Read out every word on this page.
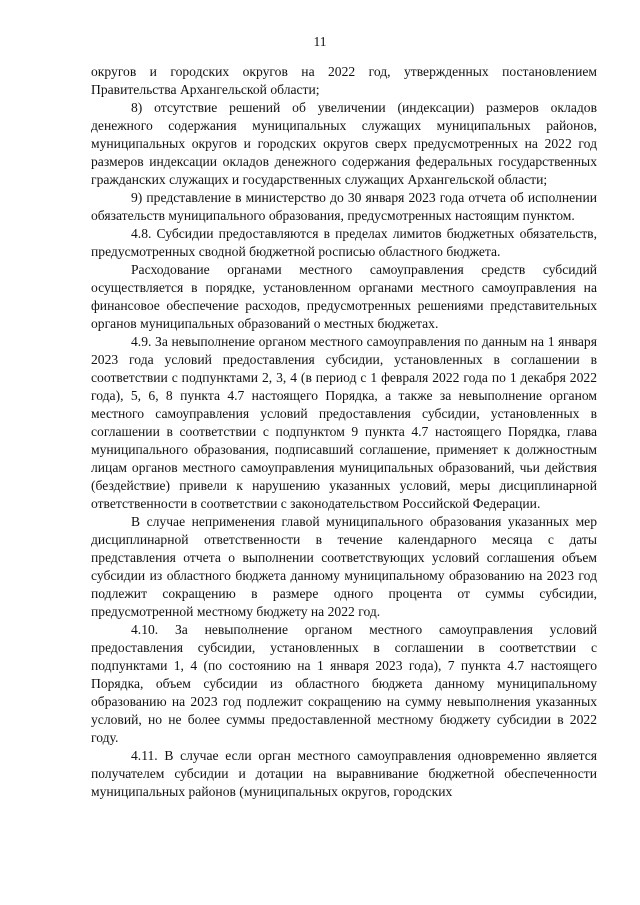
11

округов и городских округов на 2022 год, утвержденных постановлением Правительства Архангельской области;

8) отсутствие решений об увеличении (индексации) размеров окладов денежного содержания муниципальных служащих муниципальных районов, муниципальных округов и городских округов сверх предусмотренных на 2022 год размеров индексации окладов денежного содержания федеральных государственных гражданских служащих и государственных служащих Архангельской области;

9) представление в министерство до 30 января 2023 года отчета об исполнении обязательств муниципального образования, предусмотренных настоящим пунктом.

4.8. Субсидии предоставляются в пределах лимитов бюджетных обязательств, предусмотренных сводной бюджетной росписью областного бюджета.

Расходование органами местного самоуправления средств субсидий осуществляется в порядке, установленном органами местного самоуправления на финансовое обеспечение расходов, предусмотренных решениями представительных органов муниципальных образований о местных бюджетах.

4.9. За невыполнение органом местного самоуправления по данным на 1 января 2023 года условий предоставления субсидии, установленных в соглашении в соответствии с подпунктами 2, 3, 4 (в период с 1 февраля 2022 года по 1 декабря 2022 года), 5, 6, 8 пункта 4.7 настоящего Порядка, а также за невыполнение органом местного самоуправления условий предоставления субсидии, установленных в соглашении в соответствии с подпунктом 9 пункта 4.7 настоящего Порядка, глава муниципального образования, подписавший соглашение, применяет к должностным лицам органов местного самоуправления муниципальных образований, чьи действия (бездействие) привели к нарушению указанных условий, меры дисциплинарной ответственности в соответствии с законодательством Российской Федерации.

В случае неприменения главой муниципального образования указанных мер дисциплинарной ответственности в течение календарного месяца с даты представления отчета о выполнении соответствующих условий соглашения объем субсидии из областного бюджета данному муниципальному образованию на 2023 год подлежит сокращению в размере одного процента от суммы субсидии, предусмотренной местному бюджету на 2022 год.

4.10. За невыполнение органом местного самоуправления условий предоставления субсидии, установленных в соглашении в соответствии с подпунктами 1, 4 (по состоянию на 1 января 2023 года), 7 пункта 4.7 настоящего Порядка, объем субсидии из областного бюджета данному муниципальному образованию на 2023 год подлежит сокращению на сумму невыполнения указанных условий, но не более суммы предоставленной местному бюджету субсидии в 2022 году.

4.11. В случае если орган местного самоуправления одновременно является получателем субсидии и дотации на выравнивание бюджетной обеспеченности муниципальных районов (муниципальных округов, городских
